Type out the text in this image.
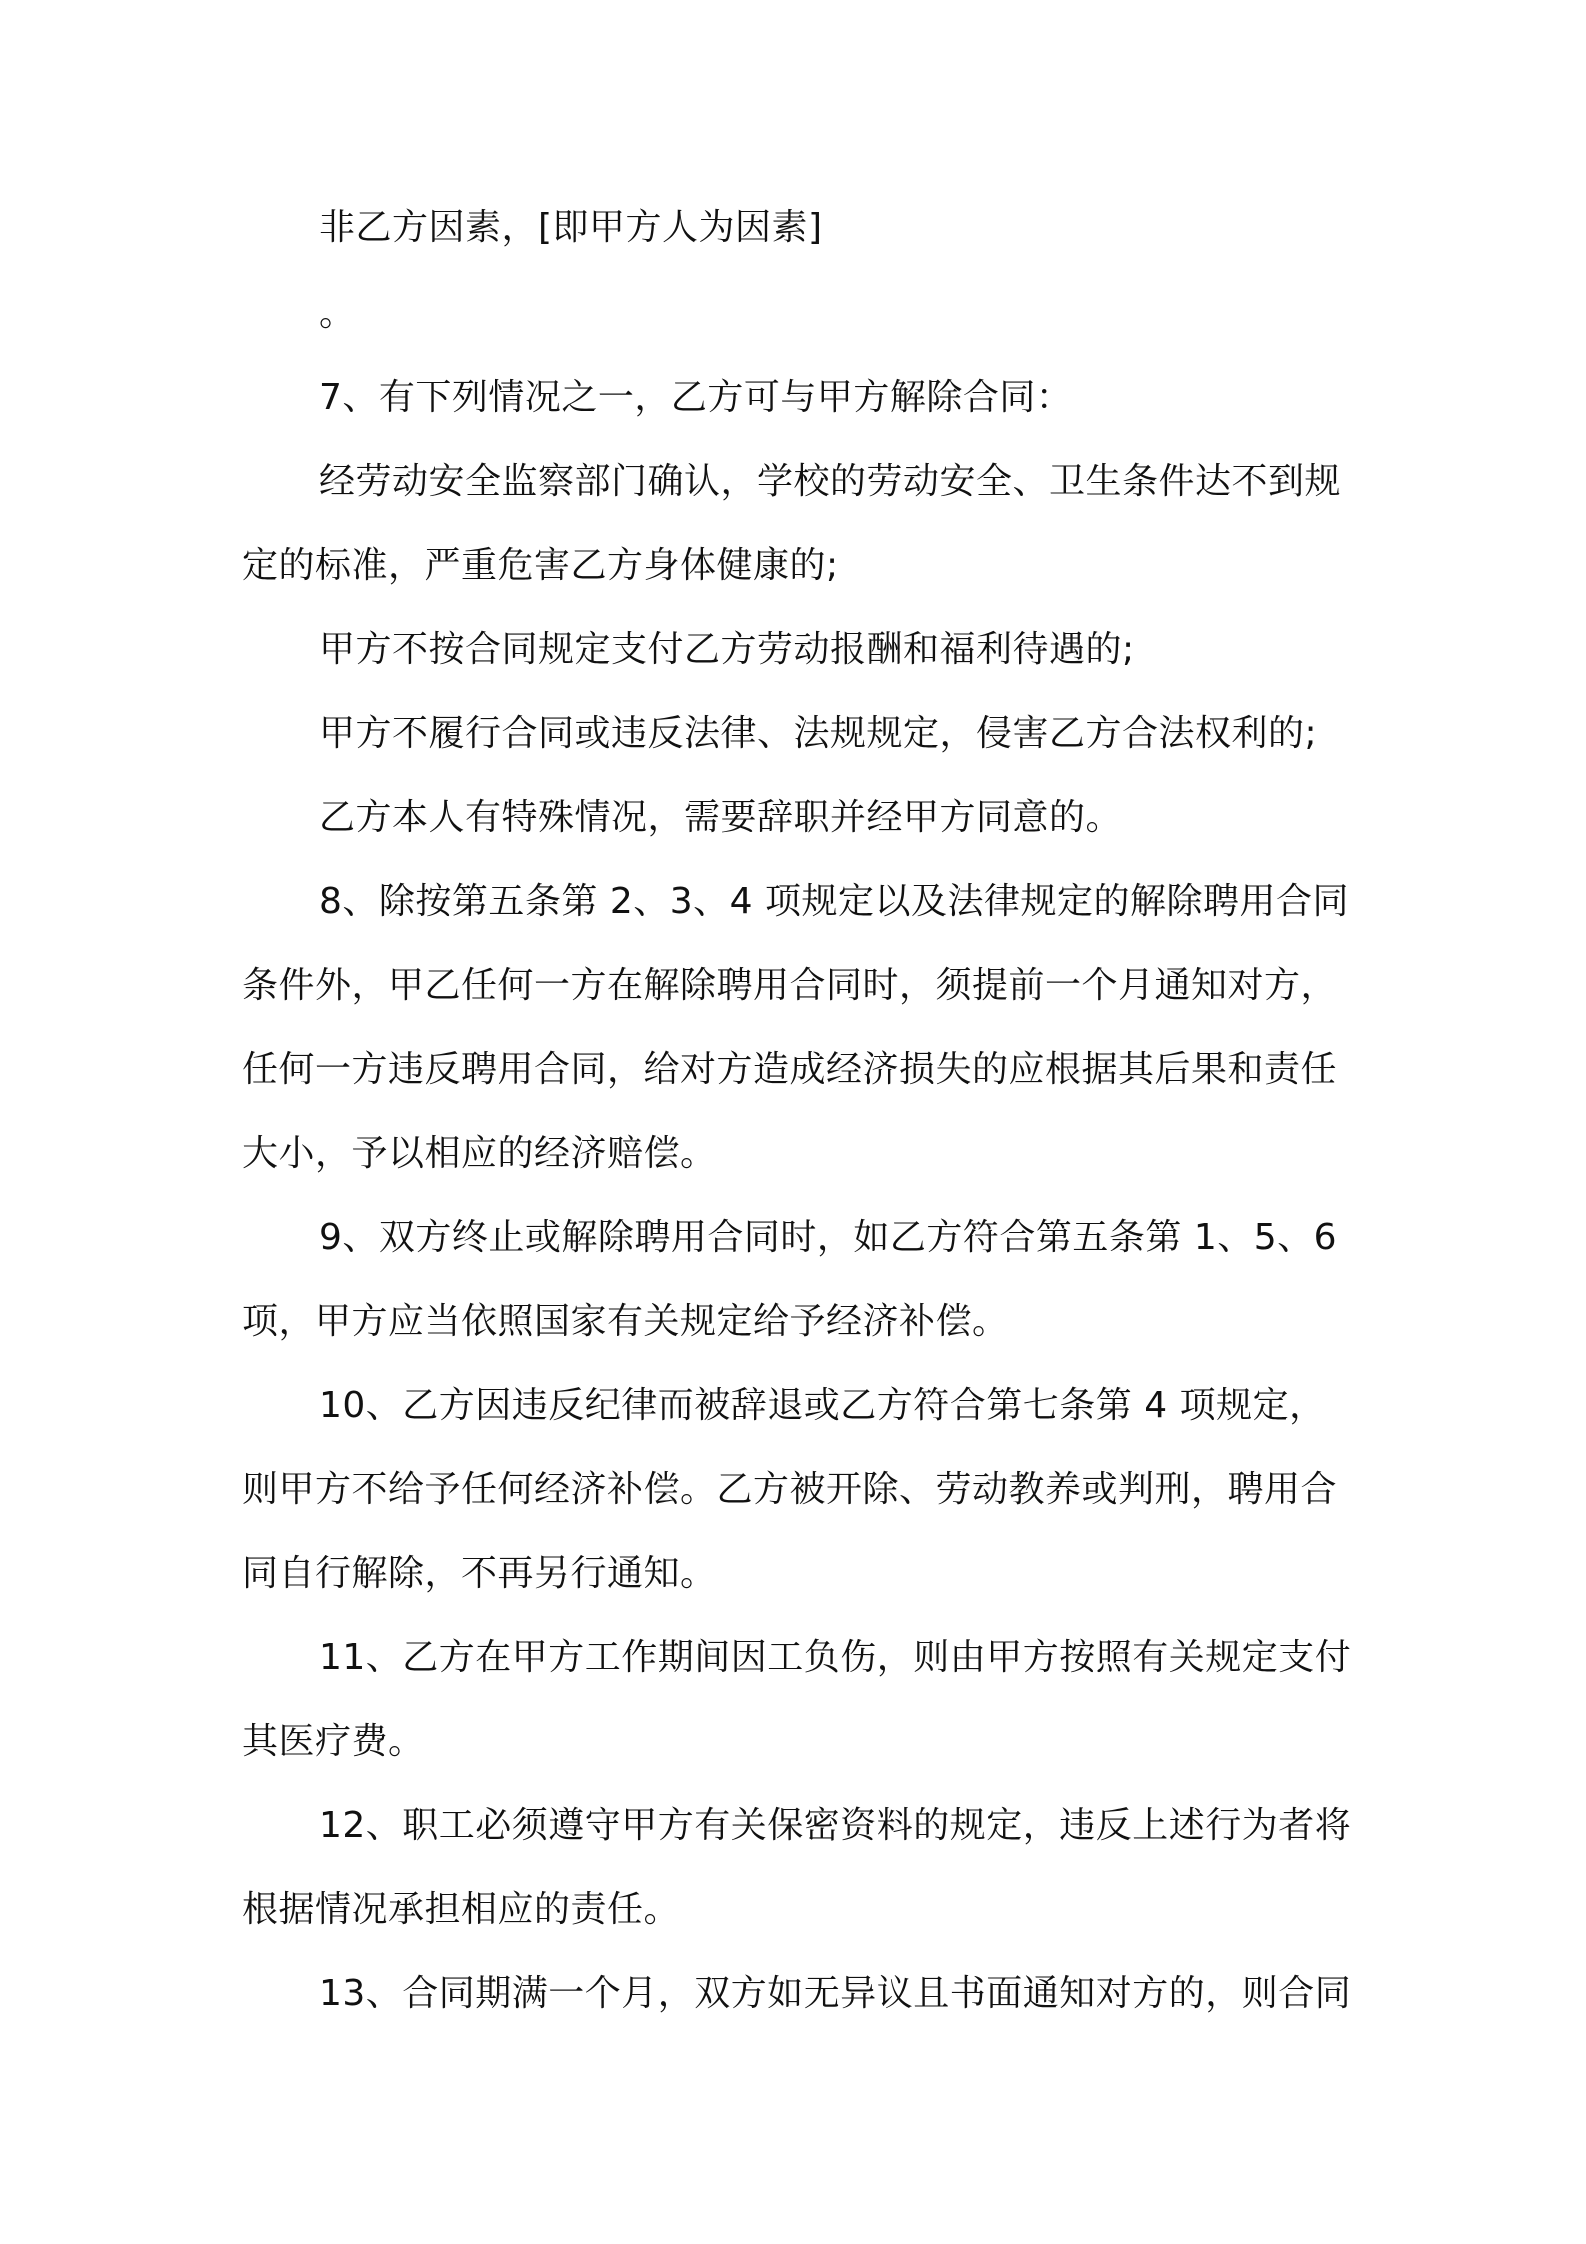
非乙方因素，[即甲方人为因素]
。
7、有下列情况之一，乙方可与甲方解除合同：
经劳动安全监察部门确认，学校的劳动安全、卫生条件达不到规
定的标准，严重危害乙方身体健康的;
甲方不按合同规定支付乙方劳动报酬和福利待遇的;
甲方不履行合同或违反法律、法规规定，侵害乙方合法权利的;
乙方本人有特殊情况，需要辞职并经甲方同意的。
8、除按第五条第 2、3、4 项规定以及法律规定的解除聘用合同
条件外，甲乙任何一方在解除聘用合同时，须提前一个月通知对方，
任何一方违反聘用合同，给对方造成经济损失的应根据其后果和责任
大小，予以相应的经济赔偿。
9、双方终止或解除聘用合同时，如乙方符合第五条第 1、5、6
项，甲方应当依照国家有关规定给予经济补偿。
10、乙方因违反纪律而被辞退或乙方符合第七条第 4 项规定，
则甲方不给予任何经济补偿。乙方被开除、劳动教养或判刑，聘用合
同自行解除，不再另行通知。
11、乙方在甲方工作期间因工负伤，则由甲方按照有关规定支付
其医疗费。
12、职工必须遵守甲方有关保密资料的规定，违反上述行为者将
根据情况承担相应的责任。
13、合同期满一个月，双方如无异议且书面通知对方的，则合同
